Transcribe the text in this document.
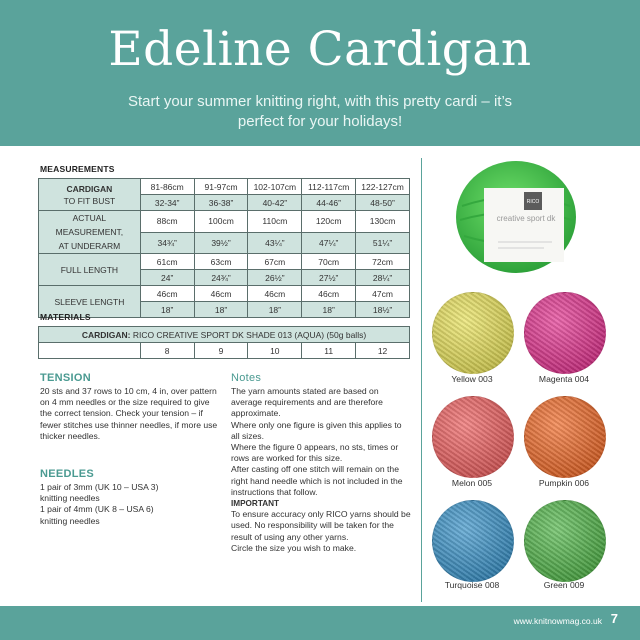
Edeline Cardigan
Start your summer knitting right, with this pretty cardi – it’s perfect for your holidays!
MEASUREMENTS
CARDIGAN
TO FIT BUST	81-86cm	91-97cm	102-107cm	112-117cm	122-127cm
	32-34”	36-38”	40-42”	44-46”	48-50”

ACTUAL MEASUREMENT,
AT UNDERARM	88cm	100cm	110cm	120cm	130cm
	34¾”	39½”	43¼”	47¼”	51¼”
FULL LENGTH	61cm	63cm	67cm	70cm	72cm
	24”	24¾”	26½”	27½”	28¼”
SLEEVE LENGTH	46cm	46cm	46cm	46cm	47cm
	18”	18”	18”	18”	18½”
MATERIALS
CARDIGAN: RICO CREATIVE SPORT DK SHADE 013 (AQUA) (50g balls)
	8	9	10	11	12
TENSION
20 sts and 37 rows to 10 cm, 4 in, over pattern on 4 mm needles or the size required to give the correct tension. Check your tension – if fewer stitches use thinner needles, if more use thicker needles.
NEEDLES

1 pair of 3mm (UK 10 – USA 3)

knitting needles

1 pair of 4mm (UK 8 – USA 6)

knitting needles

Notes

The yarn amounts stated are based on average requirements and are therefore approximate.

Where only one figure is given this applies to all sizes.

Where the figure 0 appears, no sts, times or rows are worked for this size.

After casting off one stitch will remain on the right hand needle which is not included in the instructions that follow.

IMPORTANT

To ensure accuracy only RICO yarns should be used. No responsibility will be taken for the result of using any other yarns.

Circle the size you wish to make.

RICO
creative sport dk
Yellow 003	Magenta 004
Melon 005	Pumpkin 006
Turquoise 008	Green 009
www.knitnowmag.co.uk 7
